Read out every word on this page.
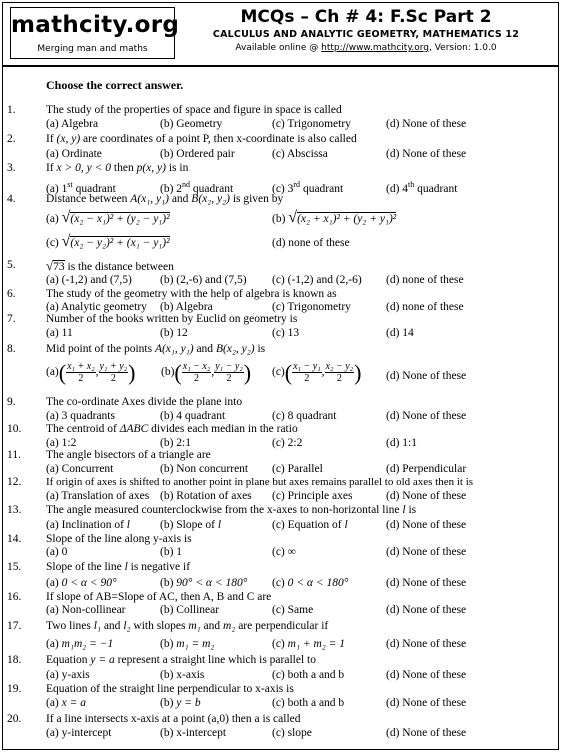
mathcity.org
Merging man and maths
MCQs – Ch # 4: F.Sc Part 2
CALCULUS AND ANALYTIC GEOMETRY, MATHEMATICS 12
Available online @ http://www.mathcity.org, Version: 1.0.0
Choose the correct answer.
1.	The study of the properties of space and figure in space is called
(a) Algebra	(b) Geometry	(c) Trigonometry	(d) None of these
2.	If (x, y) are coordinates of a point P, then x-coordinate is also called
(a) Ordinate	(b) Ordered pair	(c) Abscissa	(d) None of these
3.	If x > 0, y < 0 then p(x, y) is in
(a) 1st quadrant	(b) 2nd quadrant	(c) 3rd quadrant	(d) 4th quadrant
4.	Distance between A(x₁, y₁) and B(x₂, y₂) is given by
(a) √(x₂ − x₁)² + (y₂ − y₁)²	(b) √(x₂ + x₁)² + (y₂ + y₁)²
(c) √(x₂ − y₂)² + (x₁ − y₁)²	(d) none of these
5. √73 is the distance between
(a) (-1,2) and (7,5) (b) (2,-6) and (7,5) (c) (-1,2) and (2,-6) (d) none of these
6.	The study of the geometry with the help of algebra is known as
(a) Analytic geometry (b) Algebra	(c) Trigonometry	(d) none of these
7.	Number of the books written by Euclid on geometry is
(a) 11	(b) 12	(c) 13	(d) 14
8.	Mid point of the points A(x₁, y₁) and B(x₂, y₂) is
$(a)( \frac{\text{x₁ + x₂}}{2}$ , $\frac{\text{y₁ + y₂}}{2}$ ) $(b)( \frac{\text{x₁ − x₂}}{2}$ , $\frac{\text{y₁ − y₂}}{2}$ ) $(c)( \frac{\text{x₁ − y₁}}{2}$ , $\frac{\text{x₂ − y₂}}{2}$ ) (d) None of these
9.	The co-ordinate Axes divide the plane into
(a) 3 quadrants	(b) 4 quadrant	(c) 8 quadrant	(d) None of these
10. The centroid of ΔABC divides each median in the ratio
(a) 1:2	(b) 2:1	(c) 2:2	(d) 1:1
11. The angle bisectors of a triangle are
(a) Concurrent	(b) Non concurrent (c) Parallel	(d) Perpendicular
12. If origin of axes is shifted to another point in plane but axes remains parallel to old axes then it is
(a) Translation of axes (b) Rotation of axes (c) Principle axes	(d) None of these
13. The angle measured counterclockwise from the x-axes to non-horizontal line l is
(a) Inclination of l	(b) Slope of l	(c) Equation of l	(d) None of these
14. Slope of the line along y-axis is
(a) 0	(b) 1	(c) ∞	(d) None of these
15. Slope of the line l is negative if
(a) 0 < α < 90°	(b) 90° < α < 180° (c) 0 < α < 180°	(d) None of these
16. If slope of AB=Slope of AC, then A, B and C are
(a) Non-collinear	(b) Collinear	(c) Same	(d) None of these
17. Two lines l₁ and l₂ with slopes m₁ and m₂ are perpendicular if
(a) m₁m₂ = −1	(b) m₁ = m₂	(c) m₁ + m₂ = 1	(d) None of these
18. Equation y = a represent a straight line which is parallel to
(a) y-axis	(b) x-axis	(c) both a and b	(d) None of these
19. Equation of the straight line perpendicular to x-axis is
(a) x = a	(b) y = b	(c) both a and b	(d) None of these
20. If a line intersects x-axis at a point (a,0) then a is called
(a) y-intercept	(b) x-intercept	(c) slope	(d) None of these
